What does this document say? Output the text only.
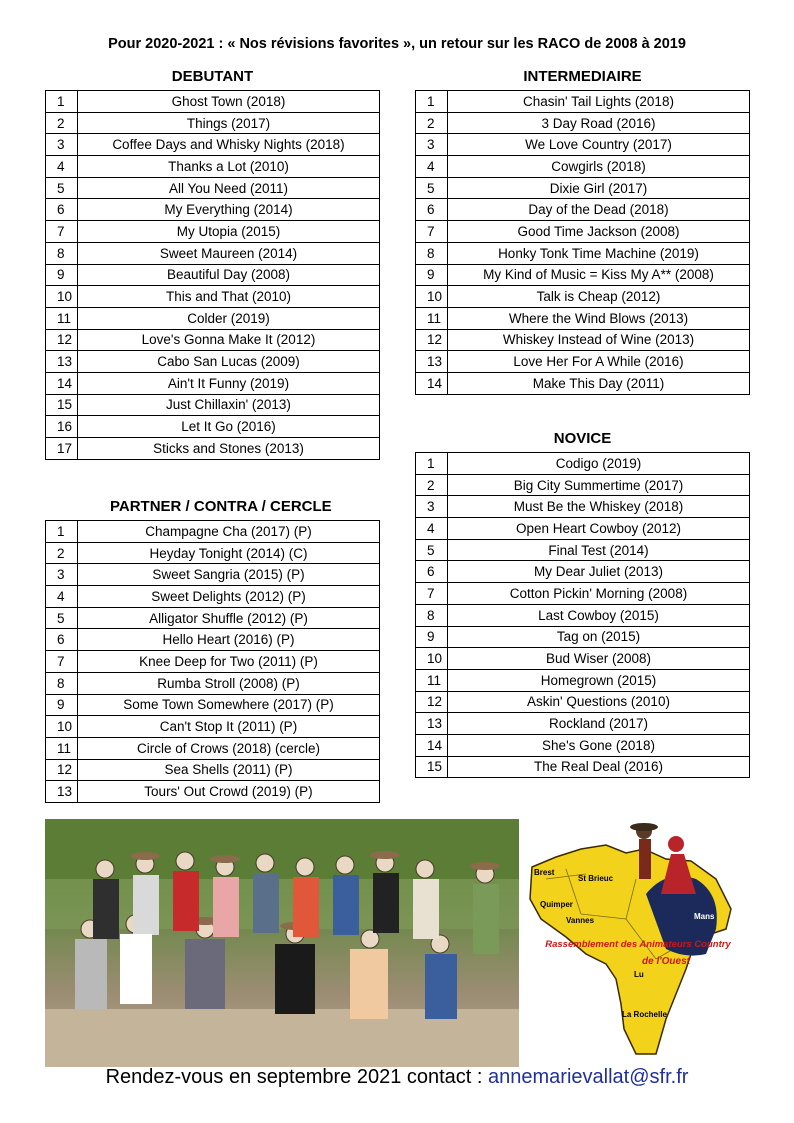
Pour 2020-2021 : « Nos révisions favorites », un retour sur les RACO de 2008 à 2019
DEBUTANT
1	Ghost Town (2018)
2	Things (2017)
3	Coffee Days and Whisky Nights (2018)
4	Thanks a Lot (2010)
5	All You Need (2011)
6	My Everything (2014)
7	My Utopia (2015)
8	Sweet Maureen (2014)
9	Beautiful Day (2008)
10	This and That (2010)
11	Colder (2019)
12	Love's Gonna Make It (2012)
13	Cabo San Lucas (2009)
14	Ain't It Funny (2019)
15	Just Chillaxin' (2013)
16	Let It Go (2016)
17	Sticks and Stones (2013)
INTERMEDIAIRE
1	Chasin' Tail Lights (2018)
2	3 Day Road (2016)
3	We Love Country (2017)
4	Cowgirls (2018)
5	Dixie Girl (2017)
6	Day of the Dead (2018)
7	Good Time Jackson (2008)
8	Honky Tonk Time Machine (2019)
9	My Kind of Music = Kiss My A** (2008)
10	Talk is Cheap (2012)
11	Where the Wind Blows (2013)
12	Whiskey Instead of Wine (2013)
13	Love Her For A While (2016)
14	Make This Day (2011)
NOVICE
1	Codigo (2019)
2	Big City Summertime (2017)
3	Must Be the Whiskey (2018)
4	Open Heart Cowboy (2012)
5	Final Test (2014)
6	My Dear Juliet (2013)
7	Cotton Pickin' Morning (2008)
8	Last Cowboy (2015)
9	Tag on (2015)
10	Bud Wiser (2008)
11	Homegrown (2015)
12	Askin' Questions (2010)
13	Rockland (2017)
14	She's Gone (2018)
15	The Real Deal (2016)
PARTNER / CONTRA / CERCLE
1	Champagne Cha (2017) (P)
2	Heyday Tonight (2014) (C)
3	Sweet Sangria (2015) (P)
4	Sweet Delights (2012) (P)
5	Alligator Shuffle (2012) (P)
6	Hello Heart (2016) (P)
7	Knee Deep for Two (2011) (P)
8	Rumba Stroll (2008) (P)
9	Some Town Somewhere (2017) (P)
10	Can't Stop It (2011) (P)
11	Circle of Crows (2018) (cercle)
12	Sea Shells (2011) (P)
13	Tours' Out Crowd (2019) (P)
Brest
St Brieuc
Quimper
Vannes	Mans
Rassemblement des Animateurs Country
de l'Ouest
Lu
La Rochelle
Rendez-vous en septembre 2021 contact : annemarievallat@sfr.fr
